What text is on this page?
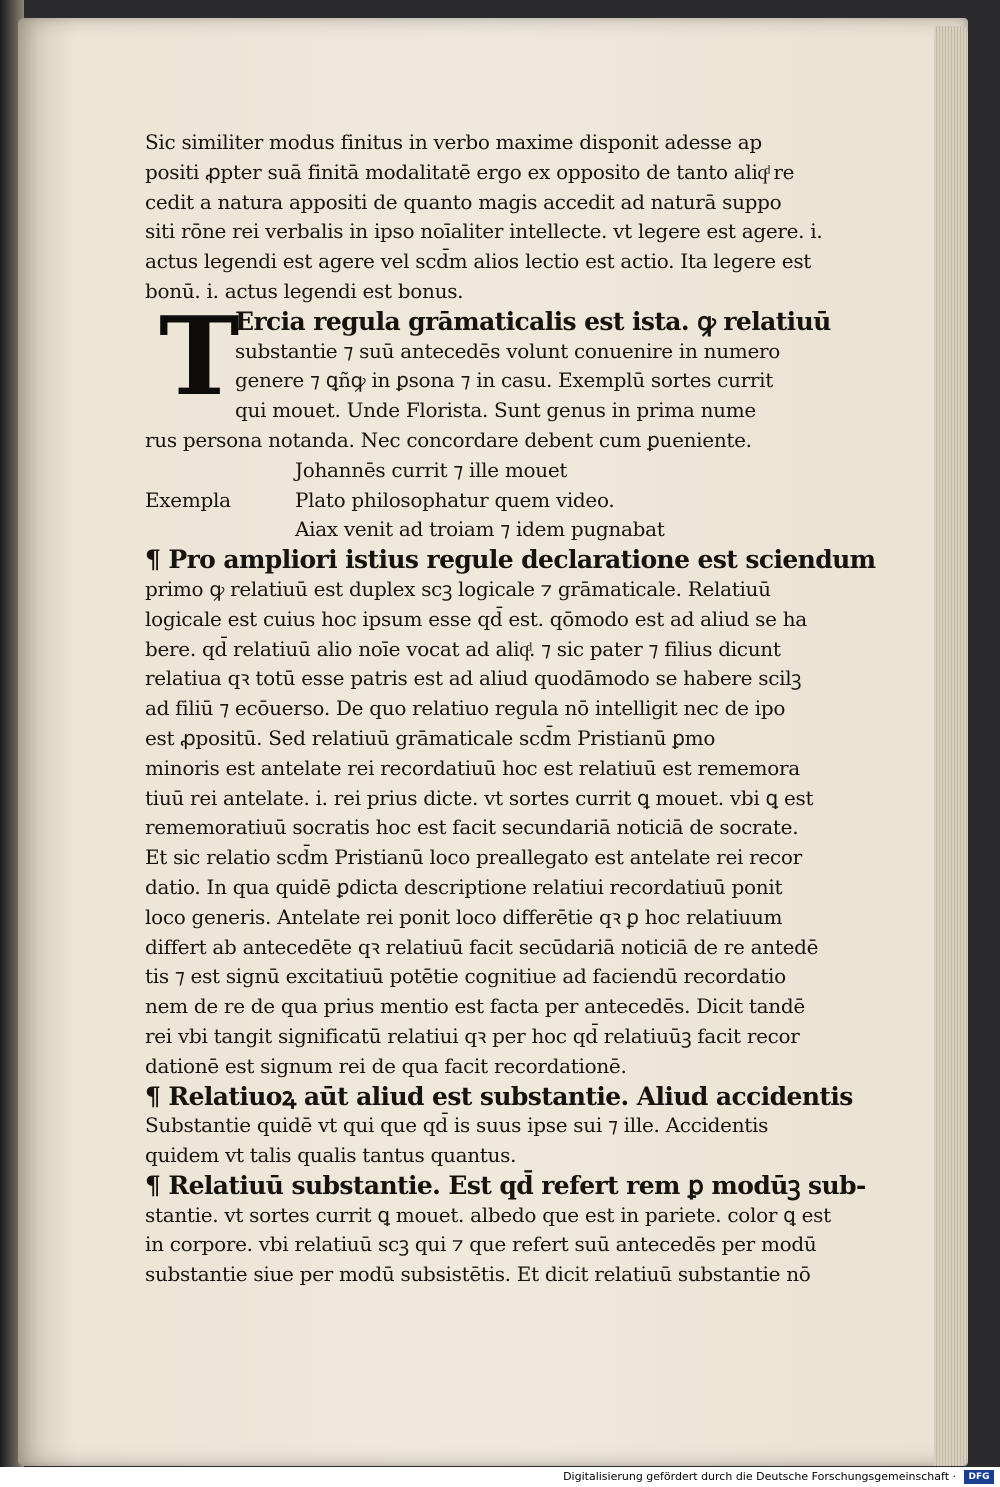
Sic similiter modus finitus in verbo maxime disponit adesse ap
positi ꝓpter suā finitā modalitatē ergo ex opposito de tanto aliqͩ re
cedit a natura appositi de quanto magis accedit ad naturā suppo
siti rōne rei verbalis in ipso noīaliter intellecte. vt legere est agere. i.
actus legendi est agere vel scd̄m alios lectio est actio. Ita legere est
bonū. i. actus legendi est bonus.
T
Ercia regula grāmaticalis est ista. ꝙ relatiuū
substantie ⁊ suū antecedēs volunt conuenire in numero
genere ⁊ ꝗñꝙ in ꝑsona ⁊ in casu. Exemplū sortes currit
qui mouet. Unde Florista. Sunt genus in prima nume
rus persona notanda. Nec concordare debent cum ꝑueniente.
Exempla
Johannēs currit ⁊ ille mouet
Plato philosophatur quem video.
Aiax venit ad troiam ⁊ idem pugnabat
¶ Pro ampliori istius regule declaratione est sciendum
primo ꝙ relatiuū est duplex scꝫ logicale ⁊ grāmaticale. Relatiuū
logicale est cuius hoc ipsum esse qd̄ est. qōmodo est ad aliud se ha
bere. qd̄ relatiuū alio noīe vocat ad aliqͩ. ⁊ sic pater ⁊ filius dicunt
relatiua qꝛ totū esse patris est ad aliud quodāmodo se habere scilꝫ
ad filiū ⁊ ecōuerso. De quo relatiuo regula nō intelligit nec de ipo
est ꝓpositū. Sed relatiuū grāmaticale scd̄m Pristianū ꝑmo
minoris est antelate rei recordatiuū hoc est relatiuū est rememora
tiuū rei antelate. i. rei prius dicte. vt sortes currit ꝗ mouet. vbi ꝗ est
rememoratiuū socratis hoc est facit secundariā noticiā de socrate.
Et sic relatio scd̄m Pristianū loco preallegato est antelate rei recor
datio. In qua quidē ꝑdicta descriptione relatiui recordatiuū ponit
loco generis. Antelate rei ponit loco differētie qꝛ ꝑ hoc relatiuum
differt ab antecedēte qꝛ relatiuū facit secūdariā noticiā de re antedē
tis ⁊ est signū excitatiuū potētie cognitiue ad faciendū recordatio
nem de re de qua prius mentio est facta per antecedēs. Dicit tandē
rei vbi tangit significatū relatiui qꝛ per hoc qd̄ relatiuūꝫ facit recor
dationē est signum rei de qua facit recordationē.
¶ Relatiuoꝝ aūt aliud est substantie. Aliud accidentis
Substantie quidē vt qui que qd̄ is suus ipse sui ⁊ ille. Accidentis
quidem vt talis qualis tantus quantus.
¶ Relatiuū substantie. Est qd̄ refert rem ꝑ modūꝫ sub-
stantie. vt sortes currit ꝗ mouet. albedo que est in pariete. color ꝗ est
in corpore. vbi relatiuū scꝫ qui ⁊ que refert suū antecedēs per modū
substantie siue per modū subsistētis. Et dicit relatiuū substantie nō
Digitalisierung gefördert durch die Deutsche Forschungsgemeinschaft ·	DFG
